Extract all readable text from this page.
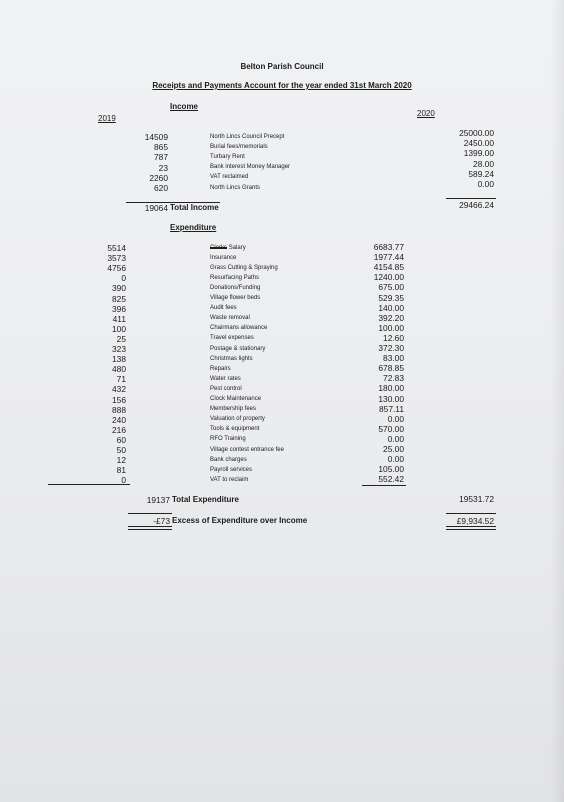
Belton Parish Council
Receipts and Payments Account for the year ended 31st March 2020
Income
2019
2020
14509	North Lincs Council Precept	25000.00
865	Burial fees/memorials	2450.00
787	Turbary Rent	1399.00
23	Bank interest Money Manager	28.00
2260	VAT reclaimed	589.24
620	North Lincs Grants	0.00
19064 Total Income	29466.24
Expenditure
5514	Clerks Salary	6683.77
3573	Insurance	1977.44
4756	Grass Cutting & Spraying	4154.85
0	Resurfacing Paths	1240.00
390	Donations/Funding	675.00
825	Village flower beds	529.35
396	Audit fees	140.00
411	Waste removal	392.20
100	Chairmans allowance	100.00
25	Travel expenses	12.60
323	Postage & stationary	372.30
138	Christmas lights	83.00
480	Repairs	678.85
71	Water rates	72.83
432	Pest control	180.00
156	Clock Maintenance	130.00
888	Membership fees	857.11
240	Valuation of property	0.00
216	Tools & equipment	570.00
60	RFO Training	0.00
50	Village contest entrance fee	25.00
12	Bank charges	0.00
81	Payroll services	105.00
0	VAT to reclaim	552.42
19137 Total Expenditure	19531.72
-£73 Excess of Expenditure over Income	£9,934.52
